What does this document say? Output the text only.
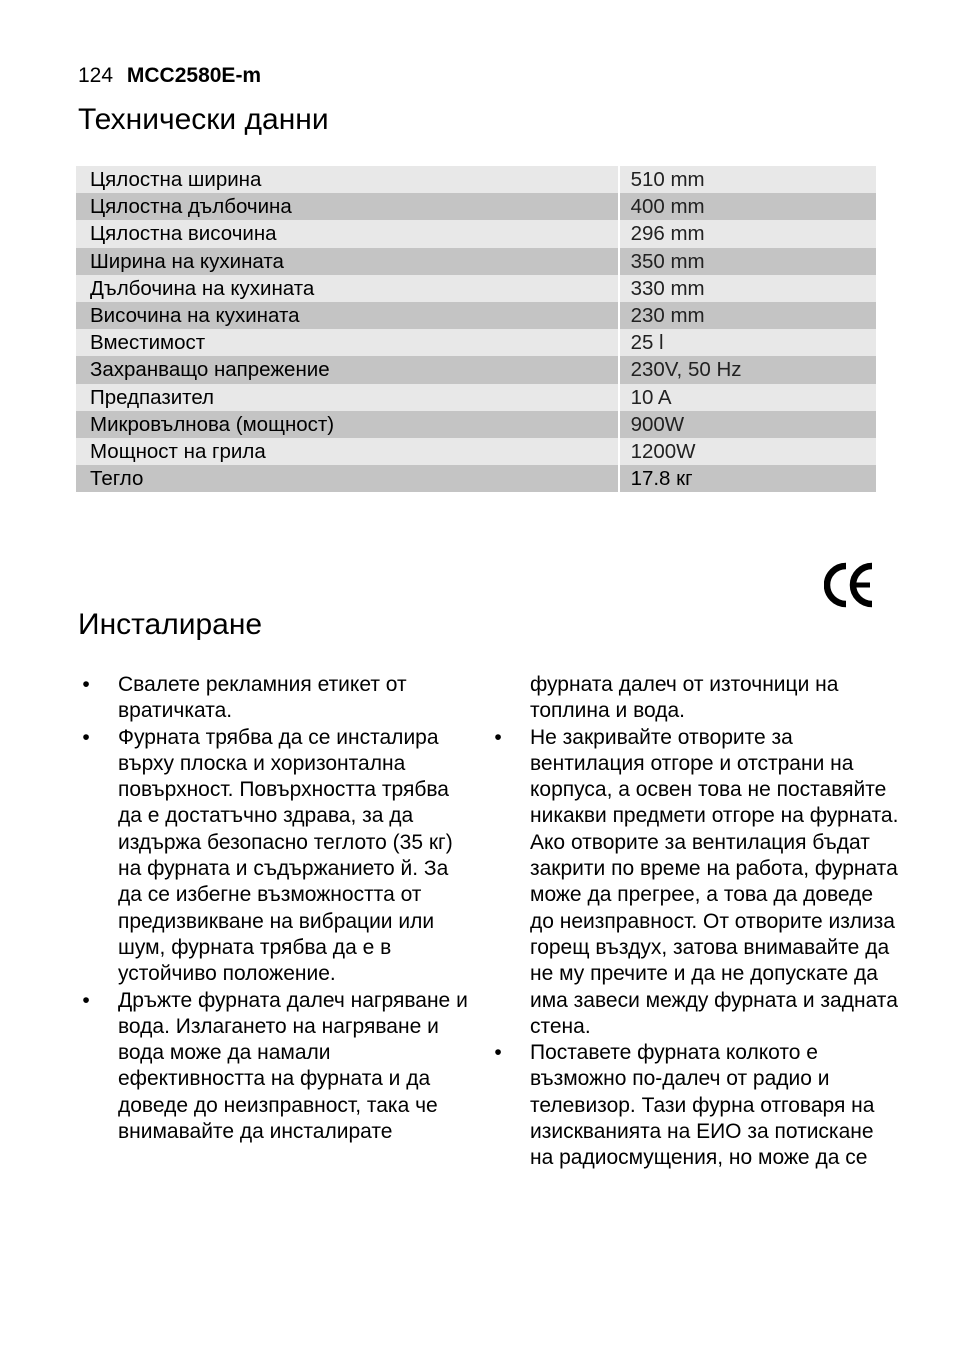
124 MCC2580E-m
Технически данни
Цялостна ширина	510 mm
Цялостна дълбочина	400 mm
Цялостна височина	296 mm
Ширина на кухината	350 mm
Дълбочина на кухината	330 mm
Височина на кухината	230 mm
Вместимост	25 l
Захранващо напрежение	230V, 50 Hz
Предпазител	10 A
Микровълнова (мощност)	900W
Мощност на грила	1200W
Тегло	17.8 кг
Инсталиране
• Свалете рекламния етикет от вратичката.
• Фурната трябва да се инсталира върху плоска и хоризонтална повърхност. Повърхността трябва да е достатъчно здрава, за да издържа безопасно теглото (35 кг) на фурната и съдържанието й. За да се избегне възможността от предизвикване на вибрации или шум, фурната трябва да е в устойчиво положение.
• Дръжте фурната далеч нагряване и вода. Излагането на нагряване и вода може да намали ефективността на фурната и да доведе до неизправност, така че внимавайте да инсталирате
фурната далеч от източници на топлина и вода.
• Не закривайте отворите за вентилация отгоре и отстрани на корпуса, а освен това не поставяйте никакви предмети отгоре на фурната. Ако отворите за вентилация бъдат закрити по време на работа, фурната може да прегрее, а това да доведе до неизправност. От отворите излиза горещ въздух, затова внимавайте да не му пречите и да не допускате да има завеси между фурната и задната стена.
• Поставете фурната колкото е възможно по-далеч от радио и телевизор. Тази фурна отговаря на изискванията на ЕИО за потискане на радиосмущения, но може да се
